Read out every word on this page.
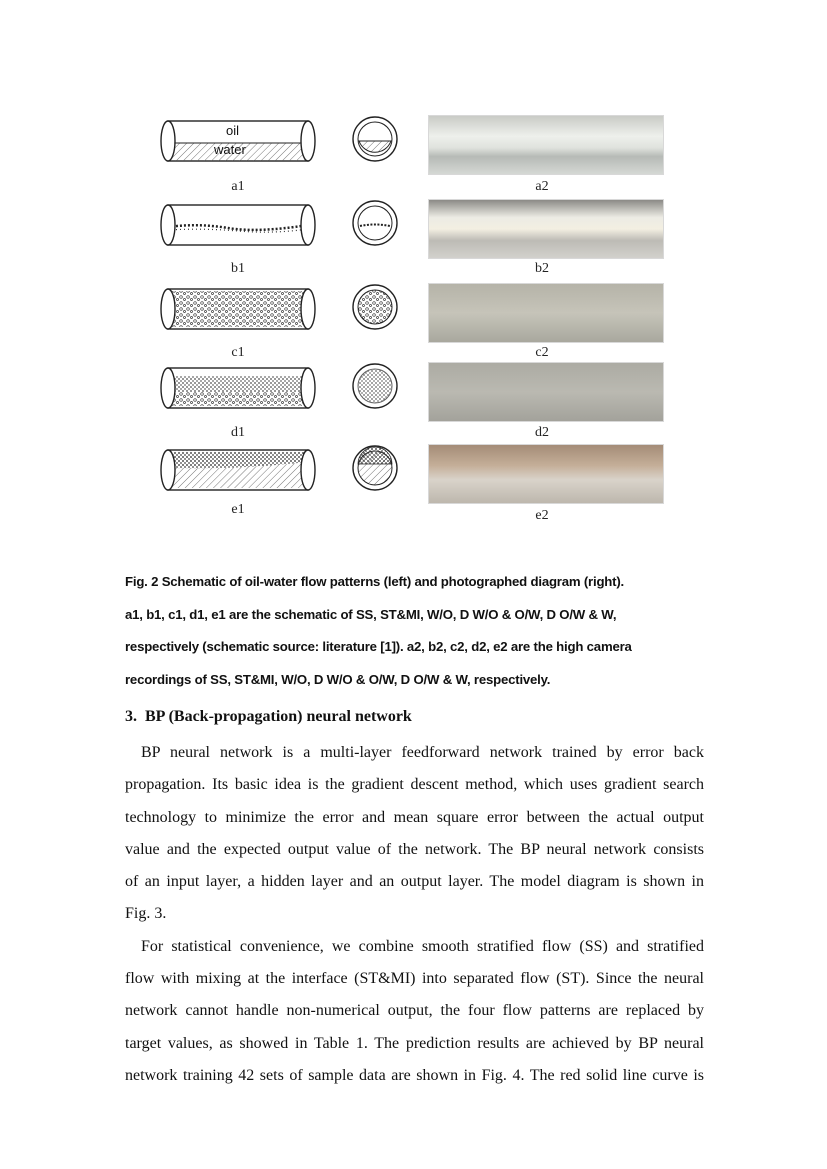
oil
water
a1	a2
b1	b2
c1	c2
d1	d2
e1	e2

Fig. 2 Schematic of oil-water flow patterns (left) and photographed diagram (right).

a1, b1, c1, d1, e1 are the schematic of SS, ST&MI, W/O, D W/O & O/W, D O/W & W,

respectively (schematic source: literature [1]). a2, b2, c2, d2, e2 are the high camera

recordings of SS, ST&MI, W/O, D W/O & O/W, D O/W & W, respectively.

3.  BP (Back-propagation) neural network
BP neural network is a multi-layer feedforward network trained by error back
propagation. Its basic idea is the gradient descent method, which uses gradient search
technology to minimize the error and mean square error between the actual output
value and the expected output value of the network. The BP neural network consists
of an input layer, a hidden layer and an output layer. The model diagram is shown in
Fig. 3.
For statistical convenience, we combine smooth stratified flow (SS) and stratified
flow with mixing at the interface (ST&MI) into separated flow (ST). Since the neural
network cannot handle non-numerical output, the four flow patterns are replaced by
target values, as showed in Table 1. The prediction results are achieved by BP neural
network training 42 sets of sample data are shown in Fig. 4. The red solid line curve is
